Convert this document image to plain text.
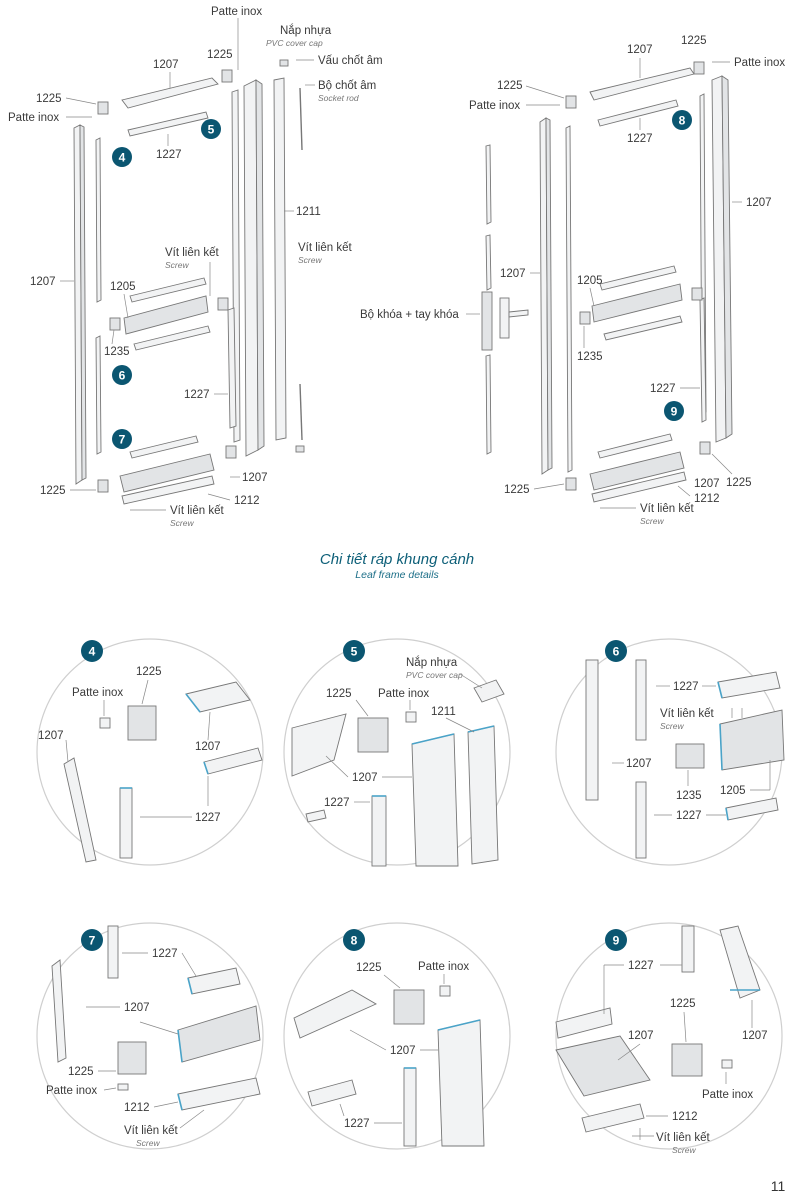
Patte inox
Nắp nhựa
PVC cover cap
Vấu chốt âm
Bộ chốt âm
Socket rod
1207
1225
1225
Patte inox
1227
1211
Vít liên kết
Screw
Vít liên kết
Screw
1207	1205
1235
1227
1207
1225
1212
Vít liên kết
Screw
1207
1225
Patte inox
1225
Patte inox
1227
1207
1207
1205
Bộ khóa + tay khóa
1235
1227
1207 1225
1212
1225
Vít liên kết
Screw
5
4
6
7
8
9
Chi tiết ráp khung cánh
Leaf frame details
4
1225
Patte inox
1207
1207
1227
5
Nắp nhựa
PVC cover cap
1225 Patte inox
1211
1207
1227
6
1227
Vít liên kết
Screw
1207
1235 1205
1227
7
1227
1207
1225
Patte inox
1212
Vít liên kết
Screw
8
1225	Patte inox
1207
1227
9
1227
1225
1207
1207
Patte inox
1212
Vít liên kết
Screw
11
